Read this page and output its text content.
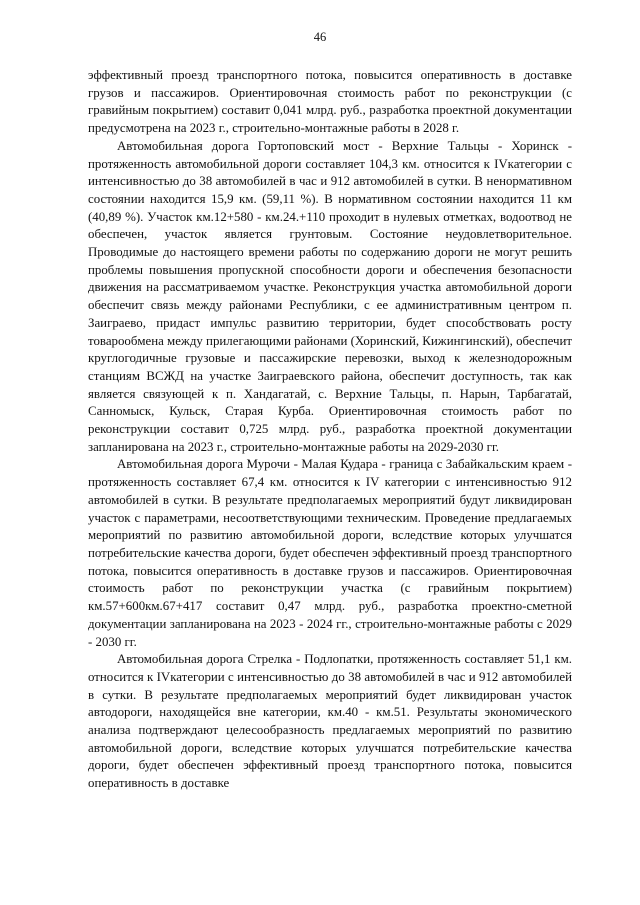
46

эффективный проезд транспортного потока, повысится оперативность в доставке грузов и пассажиров. Ориентировочная стоимость работ по реконструкции (с гравийным покрытием) составит 0,041 млрд. руб., разработка проектной документации предусмотрена на 2023 г., строительно-монтажные работы в 2028 г.

Автомобильная дорога Гортоповский мост - Верхние Тальцы - Хоринск - протяженность автомобильной дороги составляет 104,3 км. относится к IVкатегории с интенсивностью до 38 автомобилей в час и 912 автомобилей в сутки. В ненормативном состоянии находится 15,9 км. (59,11 %). В нормативном состоянии находится 11 км (40,89 %). Участок км.12+580 - км.24.+110 проходит в нулевых отметках, водоотвод не обеспечен, участок является грунтовым. Состояние неудовлетворительное. Проводимые до настоящего времени работы по содержанию дороги не могут решить проблемы повышения пропускной способности дороги и обеспечения безопасности движения на рассматриваемом участке. Реконструкция участка автомобильной дороги обеспечит связь между районами Республики, с ее административным центром п. Заиграево, придаст импульс развитию территории, будет способствовать росту товарообмена между прилегающими районами (Хоринский, Кижингинский), обеспечит круглогодичные грузовые и пассажирские перевозки, выход к железнодорожным станциям ВСЖД на участке Заиграевского района, обеспечит доступность, так как является связующей к п. Хандагатай, с. Верхние Тальцы, п. Нарын, Тарбагатай, Санномыск, Кульск, Старая Курба. Ориентировочная стоимость работ по реконструкции составит 0,725 млрд. руб., разработка проектной документации запланирована на 2023 г., строительно-монтажные работы на 2029-2030 гг.

Автомобильная дорога Мурочи - Малая Кудара - граница с Забайкальским краем - протяженность составляет 67,4 км. относится к IV категории с интенсивностью 912 автомобилей в сутки. В результате предполагаемых мероприятий будут ликвидирован участок с параметрами, несоответствующими техническим. Проведение предлагаемых мероприятий по развитию автомобильной дороги, вследствие которых улучшатся потребительские качества дороги, будет обеспечен эффективный проезд транспортного потока, повысится оперативность в доставке грузов и пассажиров. Ориентировочная стоимость работ по реконструкции участка (с гравийным покрытием) км.57+600км.67+417 составит 0,47 млрд. руб., разработка проектно-сметной документации запланирована на 2023 - 2024 гг., строительно-монтажные работы с 2029 - 2030 гг.

Автомобильная дорога Стрелка - Подлопатки, протяженность составляет 51,1 км. относится к IVкатегории с интенсивностью до 38 автомобилей в час и 912 автомобилей в сутки. В результате предполагаемых мероприятий будет ликвидирован участок автодороги, находящейся вне категории, км.40 - км.51. Результаты экономического анализа подтверждают целесообразность предлагаемых мероприятий по развитию автомобильной дороги, вследствие которых улучшатся потребительские качества дороги, будет обеспечен эффективный проезд транспортного потока, повысится оперативность в доставке
